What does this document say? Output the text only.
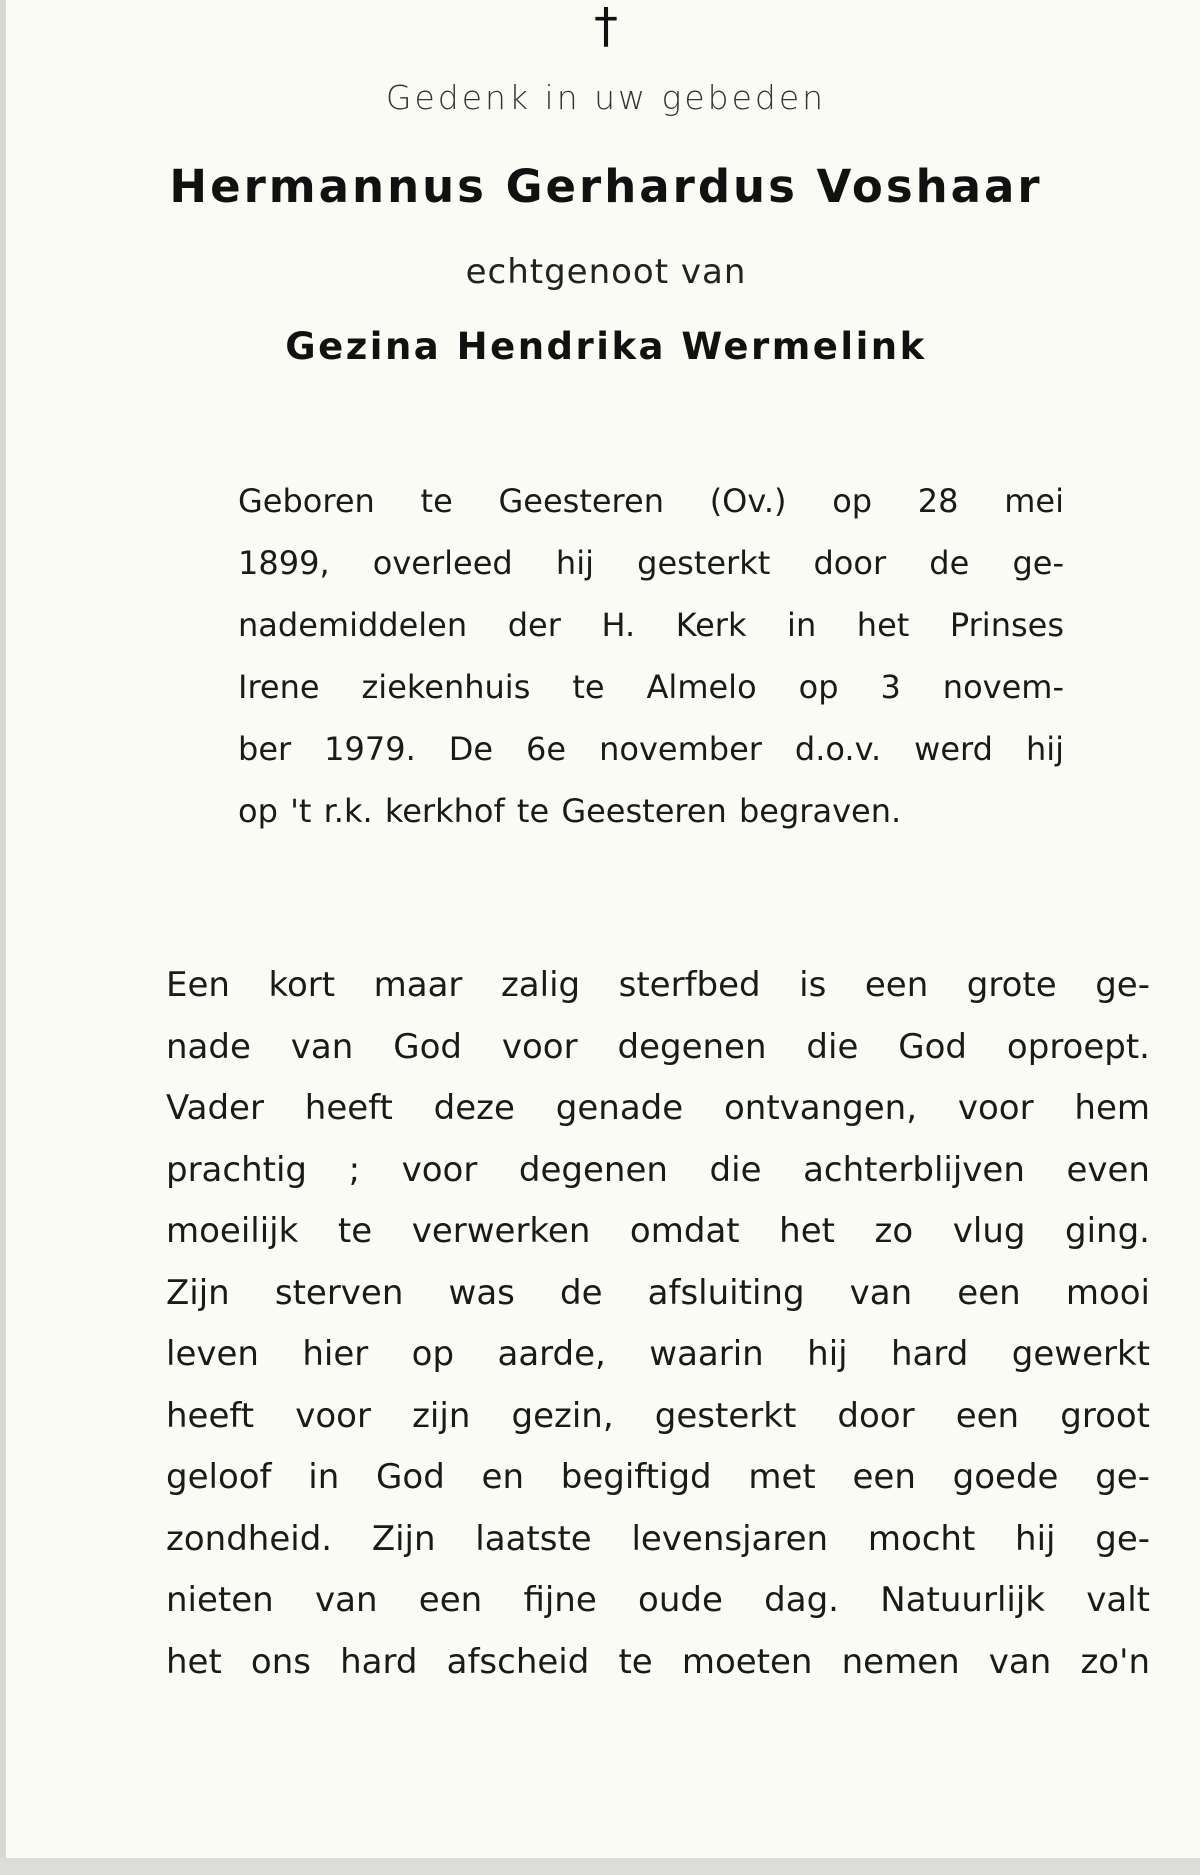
†
Gedenk in uw gebeden
Hermannus Gerhardus Voshaar
echtgenoot van
Gezina Hendrika Wermelink
Geboren te Geesteren (Ov.) op 28 mei
1899, overleed hij gesterkt door de ge-
nademiddelen der H. Kerk in het Prinses
Irene ziekenhuis te Almelo op 3 novem-
ber 1979. De 6e november d.o.v. werd hij
op 't r.k. kerkhof te Geesteren begraven.
Een kort maar zalig sterfbed is een grote ge-
nade van God voor degenen die God oproept.
Vader heeft deze genade ontvangen, voor hem
prachtig ; voor degenen die achterblijven even
moeilijk te verwerken omdat het zo vlug ging.
Zijn sterven was de afsluiting van een mooi
leven hier op aarde, waarin hij hard gewerkt
heeft voor zijn gezin, gesterkt door een groot
geloof in God en begiftigd met een goede ge-
zondheid. Zijn laatste levensjaren mocht hij ge-
nieten van een fijne oude dag. Natuurlijk valt
het ons hard afscheid te moeten nemen van zo'n
